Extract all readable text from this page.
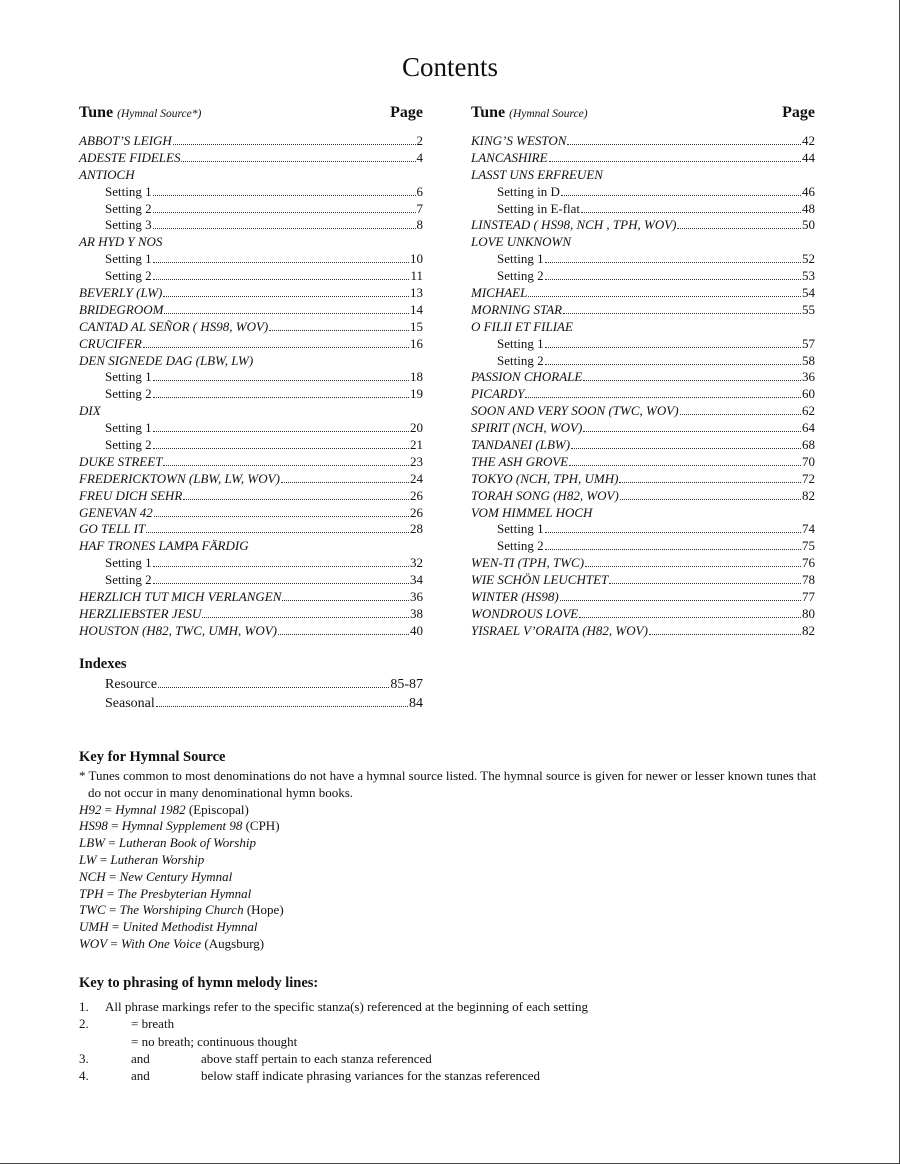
Contents
Tune (Hymnal Source*)	Page
ABBOT’S LEIGH	2
ADESTE FIDELES	4
ANTIOCH
Setting 1	6
Setting 2	7
Setting 3	8
AR HYD Y NOS
Setting 1	10
Setting 2	11
BEVERLY (LW)	13
BRIDEGROOM	14
CANTAD AL SEÑOR ( HS98, WOV)	15
CRUCIFER	16
DEN SIGNEDE DAG (LBW, LW)
Setting 1	18
Setting 2	19
DIX
Setting 1	20
Setting 2	21
DUKE STREET	23
FREDERICKTOWN (LBW, LW, WOV)	24
FREU DICH SEHR	26
GENEVAN 42	26
GO TELL IT	28
HAF TRONES LAMPA FÄRDIG
Setting 1	32
Setting 2	34
HERZLICH TUT MICH VERLANGEN	36
HERZLIEBSTER JESU	38
HOUSTON (H82, TWC, UMH, WOV)	40
Tune (Hymnal Source)	Page
KING’S WESTON	42
LANCASHIRE	44
LASST UNS ERFREUEN
Setting in D	46
Setting in E-flat	48
LINSTEAD ( HS98, NCH , TPH, WOV)	50
LOVE UNKNOWN
Setting 1	52
Setting 2	53
MICHAEL	54
MORNING STAR	55
O FILII ET FILIAE
Setting 1	57
Setting 2	58
PASSION CHORALE	36
PICARDY	60
SOON AND VERY SOON (TWC, WOV)	62
SPIRIT (NCH, WOV)	64
TANDANEI (LBW)	68
THE ASH GROVE	70
TOKYO (NCH, TPH, UMH)	72
TORAH SONG (H82, WOV)	82
VOM HIMMEL HOCH
Setting 1	74
Setting 2	75
WEN-TI (TPH, TWC)	76
WIE SCHÖN LEUCHTET	78
WINTER (HS98)	77
WONDROUS LOVE	80
YISRAEL V’ORAITA (H82, WOV)	82
Indexes
Resource	85-87
Seasonal	84
Key for Hymnal Source

* Tunes common to most denominations do not have a hymnal source listed. The hymnal source is given for newer or lesser known tunes that do not occur in many denominational hymn books.

H92 = Hymnal 1982 (Episcopal)
HS98 = Hymnal Sypplement 98 (CPH)
LBW = Lutheran Book of Worship
LW = Lutheran Worship
NCH = New Century Hymnal
TPH = The Presbyterian Hymnal
TWC = The Worshiping Church (Hope)
UMH = United Methodist Hymnal
WOV = With One Voice (Augsburg)
Key to phrasing of hymn melody lines:
1. All phrase markings refer to the specific stanza(s) referenced at the beginning of each setting
2.	= breath
= no breath; continuous thought
3.	and	above staff pertain to each stanza referenced
4.	and	below staff indicate phrasing variances for the stanzas referenced
